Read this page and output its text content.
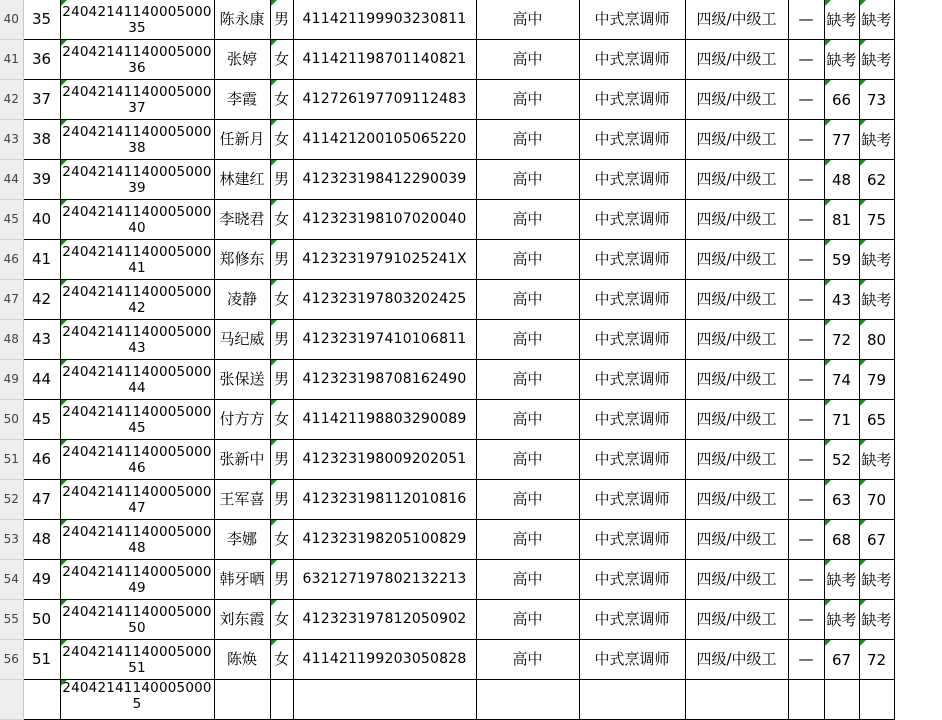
40	35	2404214114000500035	陈永康	男	411421199903230811	高中	中式烹调师	四级/中级工	—	缺考	缺考	
41	36	2404214114000500036	张婷	女	411421198701140821	高中	中式烹调师	四级/中级工	—	缺考	缺考	
42	37	2404214114000500037	李霞	女	412726197709112483	高中	中式烹调师	四级/中级工	—	66	73	
43	38	2404214114000500038	任新月	女	411421200105065220	高中	中式烹调师	四级/中级工	—	77	缺考	
44	39	2404214114000500039	林建红	男	412323198412290039	高中	中式烹调师	四级/中级工	—	48	62	
45	40	2404214114000500040	李晓君	女	412323198107020040	高中	中式烹调师	四级/中级工	—	81	75	
46	41	2404214114000500041	郑修东	男	41232319791025241X	高中	中式烹调师	四级/中级工	—	59	缺考	
47	42	2404214114000500042	凌静	女	412323197803202425	高中	中式烹调师	四级/中级工	—	43	缺考	
48	43	2404214114000500043	马纪威	男	412323197410106811	高中	中式烹调师	四级/中级工	—	72	80	
49	44	2404214114000500044	张保送	男	412323198708162490	高中	中式烹调师	四级/中级工	—	74	79	
50	45	2404214114000500045	付方方	女	411421198803290089	高中	中式烹调师	四级/中级工	—	71	65	
51	46	2404214114000500046	张新中	男	412323198009202051	高中	中式烹调师	四级/中级工	—	52	缺考	
52	47	2404214114000500047	王军喜	男	412323198112010816	高中	中式烹调师	四级/中级工	—	63	70	
53	48	2404214114000500048	李娜	女	412323198205100829	高中	中式烹调师	四级/中级工	—	68	67	
54	49	2404214114000500049	韩牙晒	男	632127197802132213	高中	中式烹调师	四级/中级工	—	缺考	缺考	
55	50	2404214114000500050	刘东霞	女	412323197812050902	高中	中式烹调师	四级/中级工	—	缺考	缺考	
56	51	2404214114000500051	陈焕	女	411421199203050828	高中	中式烹调师	四级/中级工	—	67	72	
		240421411400050005										
